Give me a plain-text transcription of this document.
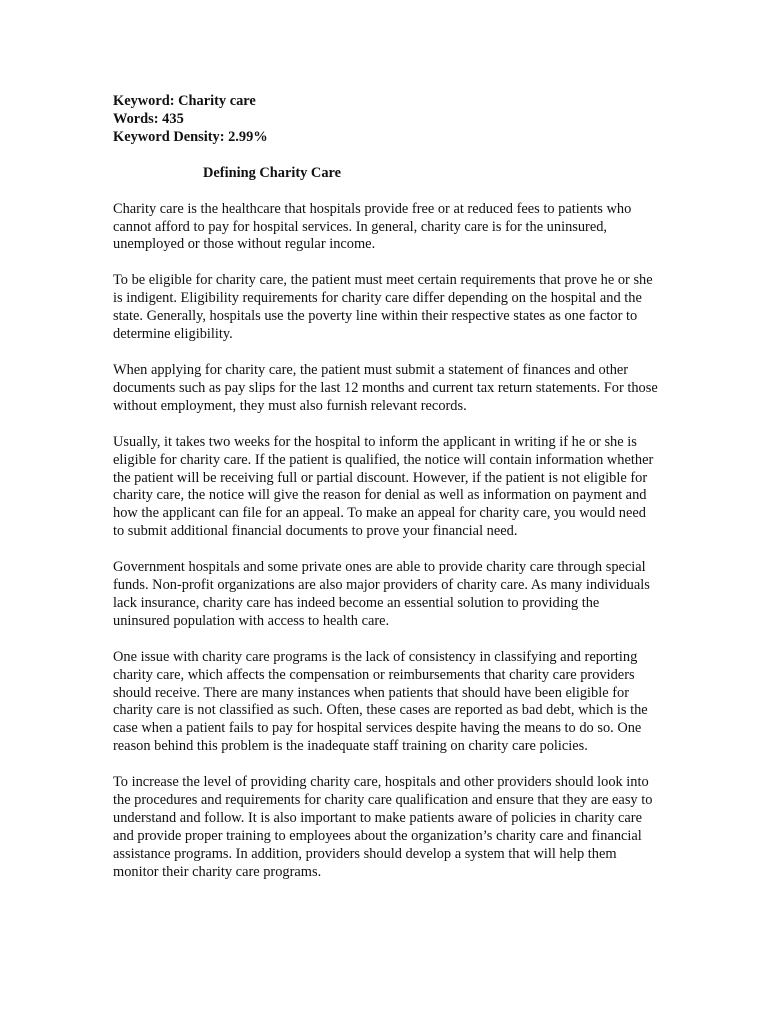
Keyword: Charity care
Words: 435
Keyword Density: 2.99%
Defining Charity Care

Charity care is the healthcare that hospitals provide free or at reduced fees to patients who cannot afford to pay for hospital services. In general, charity care is for the uninsured, unemployed or those without regular income.

To be eligible for charity care, the patient must meet certain requirements that prove he or she is indigent. Eligibility requirements for charity care differ depending on the hospital and the state. Generally, hospitals use the poverty line within their respective states as one factor to determine eligibility.

When applying for charity care, the patient must submit a statement of finances and other documents such as pay slips for the last 12 months and current tax return statements. For those without employment, they must also furnish relevant records.

Usually, it takes two weeks for the hospital to inform the applicant in writing if he or she is eligible for charity care. If the patient is qualified, the notice will contain information whether the patient will be receiving full or partial discount. However, if the patient is not eligible for charity care, the notice will give the reason for denial as well as information on payment and how the applicant can file for an appeal. To make an appeal for charity care, you would need to submit additional financial documents to prove your financial need.

Government hospitals and some private ones are able to provide charity care through special funds. Non-profit organizations are also major providers of charity care. As many individuals lack insurance, charity care has indeed become an essential solution to providing the uninsured population with access to health care.

One issue with charity care programs is the lack of consistency in classifying and reporting charity care, which affects the compensation or reimbursements that charity care providers should receive. There are many instances when patients that should have been eligible for charity care is not classified as such. Often, these cases are reported as bad debt, which is the case when a patient fails to pay for hospital services despite having the means to do so. One reason behind this problem is the inadequate staff training on charity care policies.

To increase the level of providing charity care, hospitals and other providers should look into the procedures and requirements for charity care qualification and ensure that they are easy to understand and follow. It is also important to make patients aware of policies in charity care and provide proper training to employees about the organization’s charity care and financial assistance programs. In addition, providers should develop a system that will help them monitor their charity care programs.
